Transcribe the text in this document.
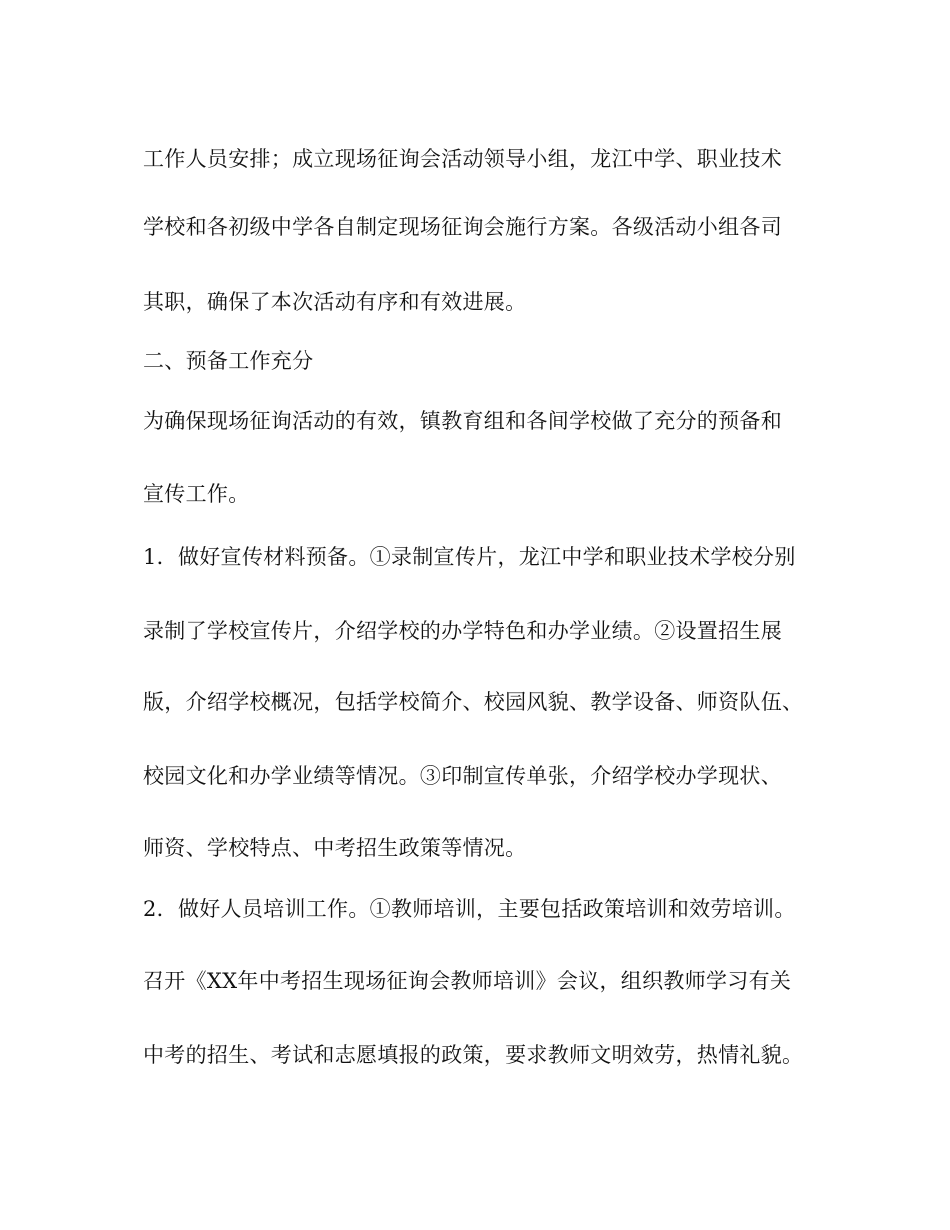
工作人员安排；成立现场征询会活动领导小组，龙江中学、职业技术
学校和各初级中学各自制定现场征询会施行方案。各级活动小组各司
其职，确保了本次活动有序和有效进展。
二、预备工作充分
为确保现场征询活动的有效，镇教育组和各间学校做了充分的预备和
宣传工作。
1．做好宣传材料预备。①录制宣传片，龙江中学和职业技术学校分别
录制了学校宣传片，介绍学校的办学特色和办学业绩。②设置招生展
版，介绍学校概况，包括学校简介、校园风貌、教学设备、师资队伍、
校园文化和办学业绩等情况。③印制宣传单张，介绍学校办学现状、
师资、学校特点、中考招生政策等情况。
2．做好人员培训工作。①教师培训，主要包括政策培训和效劳培训。
召开《XX年中考招生现场征询会教师培训》会议，组织教师学习有关
中考的招生、考试和志愿填报的政策，要求教师文明效劳，热情礼貌。
